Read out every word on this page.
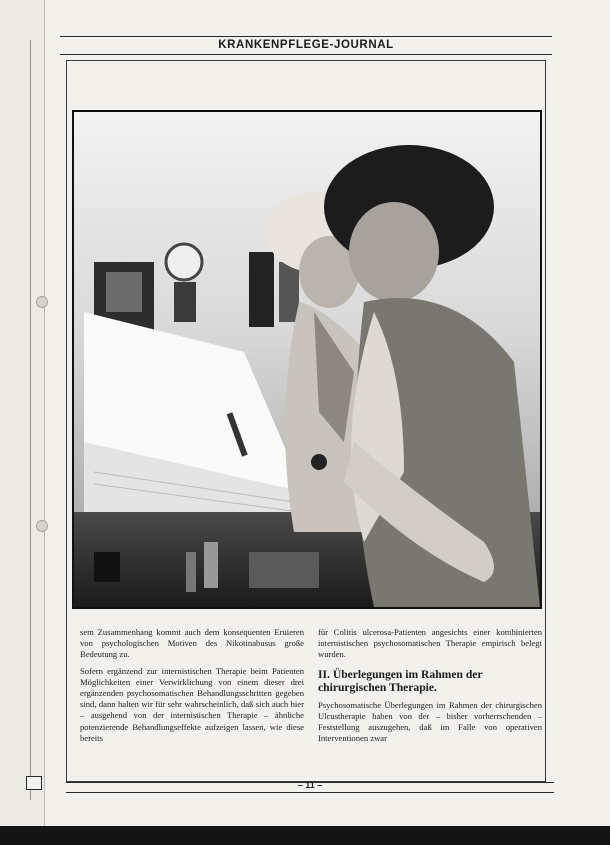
KRANKENPFLEGE-JOURNAL

sem Zusammenhang kommt auch dem konsequenten Eruieren von psychologischen Motiven des Nikotinabusus große Bedeutung zu.

Sofern ergänzend zur internistischen Therapie beim Patienten Möglichkeiten einer Verwirklichung von einem dieser drei ergänzenden psychosomatischen Behandlungsschritten gegeben sind, dann halten wir für sehr wahrscheinlich, daß sich auch hier – ausgehend von der internistischen Therapie – ähnliche potenzierende Behandlungseffekte aufzeigen lassen, wie diese bereits

für Colitis ulcerosa-Patienten angesichts einer kombinierten internistischen psychosomatischen Therapie empirisch belegt wurden.

II. Überlegungen im Rahmen der chirurgischen Therapie.

Psychosomatische Überlegungen im Rahmen der chirurgischen Ulcustherapie haben von der – bisher vorherrschenden – Feststellung auszugehen, daß im Falle von operativen Interventionen zwar

– 11 –
